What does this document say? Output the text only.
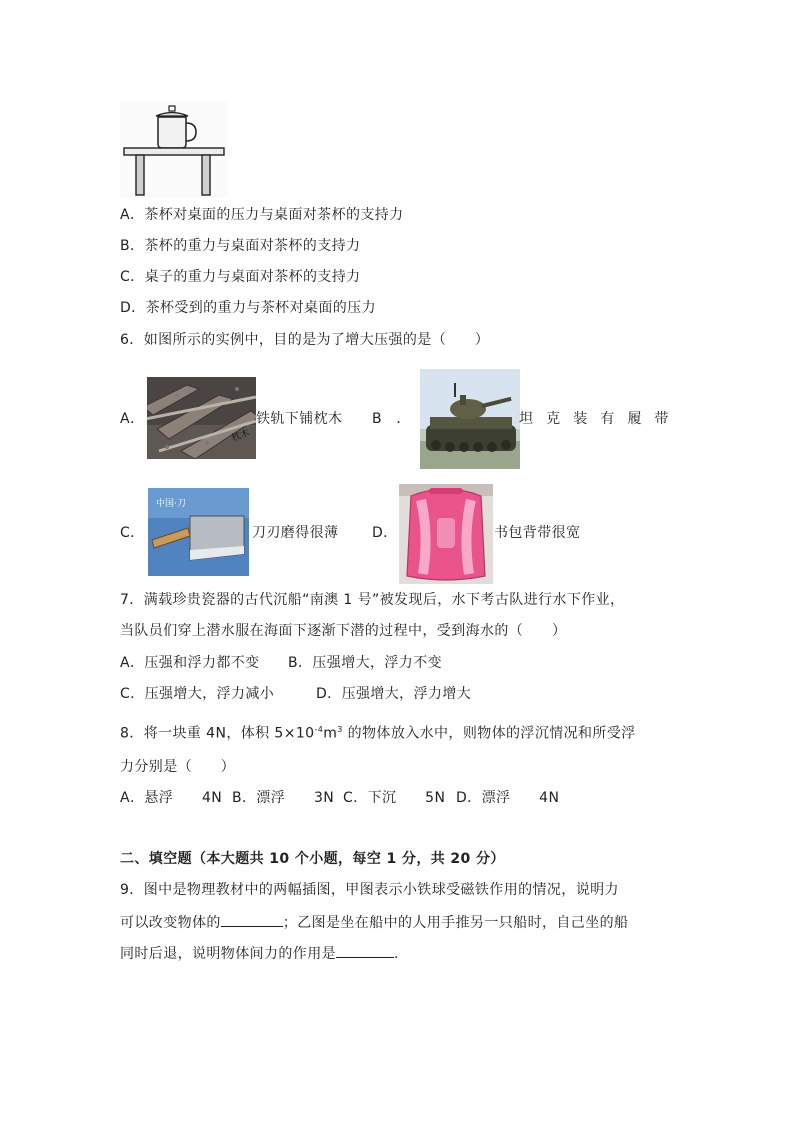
A．茶杯对桌面的压力与桌面对茶杯的支持力
B．茶杯的重力与桌面对茶杯的支持力
C．桌子的重力与桌面对茶杯的支持力
D．茶杯受到的重力与茶杯对桌面的压力
6．如图所示的实例中，目的是为了增大压强的是（　　）
A．
枕木
铁轨下铺枕木 B　．	坦 克 装 有 履 带
C．
中国·刀
刀刃磨得很薄 D．	书包背带很宽
7．满载珍贵瓷器的古代沉船“南澳 1 号”被发现后，水下考古队进行水下作业，
当队员们穿上潜水服在海面下逐渐下潜的过程中，受到海水的（　　）
A．压强和浮力都不变 B．压强增大，浮力不变
C．压强增大，浮力减小	D．压强增大，浮力增大
8．将一块重 4N，体积 $5\times 10^{-4}m^3$ 的物体放入水中，则物体的浮沉情况和所受浮
力分别是（　　）
A．悬浮　　4N B．漂浮　　3N C．下沉　　5N D．漂浮　　4N
二、填空题（本大题共 10 个小题，每空 1 分，共 20 分）
9．图中是物理教材中的两幅插图，甲图表示小铁球受磁铁作用的情况，说明力
可以改变物体的	；乙图是坐在船中的人用手推另一只船时，自己坐的船
同时后退，说明物体间力的作用是	.
